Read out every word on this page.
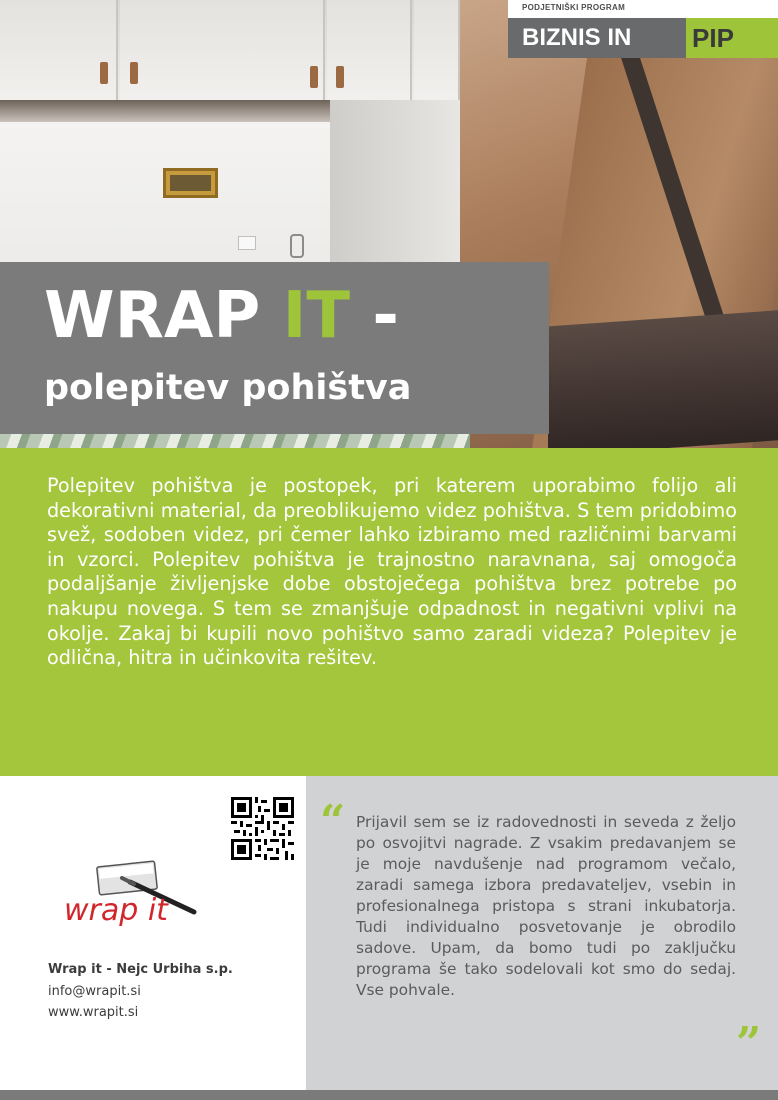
PODJETNIŠKI PROGRAM
BIZNIS IN	PIP
WRAP IT -
polepitev pohištva

Polepitev pohištva je postopek, pri katerem uporabimo folijo ali dekorativni material, da preoblikujemo videz pohištva. S tem pridobimo svež, sodoben videz, pri čemer lahko izbiramo med različnimi barvami in vzorci. Polepitev pohištva je trajnostno naravnana, saj omogoča podaljšanje življenjske dobe obstoječega pohištva brez potrebe po nakupu novega. S tem se zmanjšuje odpadnost in negativni vplivi na okolje. Zakaj bi kupili novo pohištvo samo zaradi videza? Polepitev je odlična, hitra in učinkovita rešitev.

wrap it
Wrap it - Nejc Urbiha s.p.
info@wrapit.si
www.wrapit.si
“ Prijavil sem se iz radovednosti in seveda z željo po osvojitvi nagrade. Z vsakim predavanjem se je moje navdušenje nad programom večalo, zaradi samega izbora predavateljev, vsebin in profesionalnega pristopa s strani inkubatorja. Tudi individualno posvetovanje je obrodilo sadove. Upam, da bomo tudi po zaključku programa še tako sodelovali kot smo do sedaj. Vse pohvale.

”
